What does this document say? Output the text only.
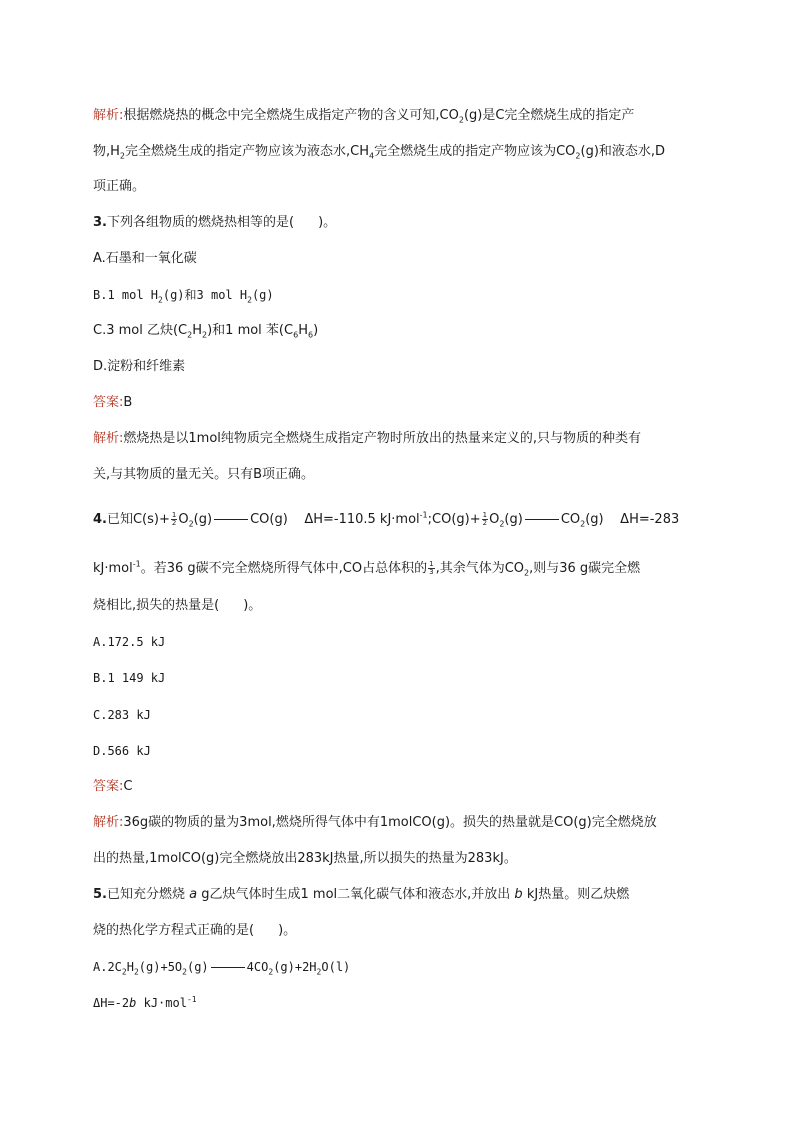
解析:根据燃烧热的概念中完全燃烧生成指定产物的含义可知$,CO_2(g)$是C完全燃烧生成的指定产
物$,H_2$完全燃烧生成的指定产物应该为液态水$,CH_4$完全燃烧生成的指定产物应该为$CO_2(g)$和液态水,D
项正确。
3.下列各组物质的燃烧热相等的是( )。
A.石墨和一氧化碳
B.1 mol $H_2(g)$和3 mol $H_2(g)$
C.3 mol 乙炔$(C_2H_2)$和1 mol 苯$(C_6H_6)$
D.淀粉和纤维素
答案:B
解析:燃烧热是以1mol纯物质完全燃烧生成指定产物时所放出的热量来定义的,只与物质的种类有
关,与其物质的量无关。只有B项正确。
4.已知$C(s)+ \frac{1}{2} O_2(g)$	CO(g) ΔH=-110.5 kJ·mol$^{-1}$;CO(g)+ $\frac{1}{2} O_2(g)$	$CO_2(g)$ ΔH=-283
kJ·mol$^{-1}$。若36 g碳不完全燃烧所得气体中,CO占总体积的 $\frac{1}{3}$ ,其余气体为$CO_2$,则与36 g碳完全燃
烧相比,损失的热量是( )。
A.172.5 kJ
B.1 149 kJ
C.283 kJ
D.566 kJ
答案:C
解析:36g碳的物质的量为3mol,燃烧所得气体中有1molCO(g)。损失的热量就是CO(g)完全燃烧放
出的热量,1molCO(g)完全燃烧放出283kJ热量,所以损失的热量为283kJ。
5.已知充分燃烧 a g乙炔气体时生成1 mol二氧化碳气体和液态水,并放出 b kJ热量。则乙炔燃
烧的热化学方程式正确的是( )。
$A.2C_2H_2(g)+5O_2(g)$	$4CO_2(g)+2H_2O(l)$
ΔH=-2b kJ·mol$^{-1}$
